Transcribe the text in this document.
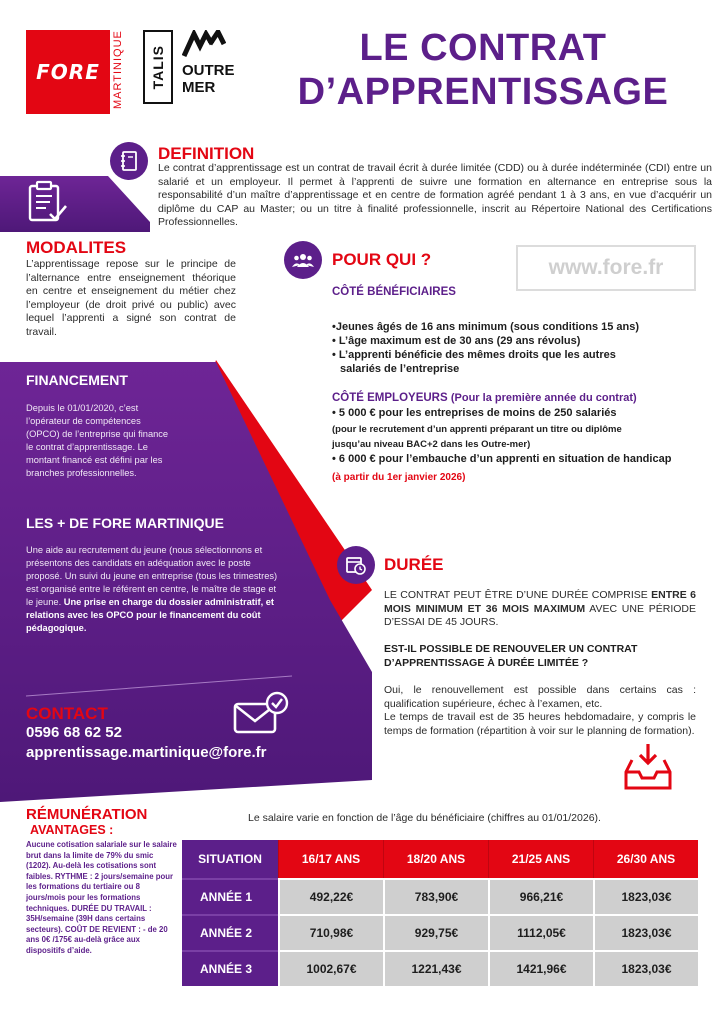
FORE	MARTINIQUE TALIS OUTRE
MER
LE CONTRAT
D’APPRENTISSAGE
DEFINITION
Le contrat d’apprentissage est un contrat de travail écrit à durée limitée (CDD) ou à durée indéterminée (CDI) entre un salarié et un employeur. Il permet à l’apprenti de suivre une formation en alternance en entreprise sous la responsabilité d’un maître d’apprentissage et en centre de formation agréé pendant 1 à 3 ans, en vue d’acquérir un diplôme du CAP au Master; ou un titre à finalité professionnelle, inscrit au Répertoire National des Certifications Professionnelles.
MODALITES
L’apprentissage repose sur le principe de l’alternance entre enseignement théorique en centre et enseignement du métier chez l’employeur (de droit privé ou public) avec lequel l’apprenti a signé son contrat de travail.
FINANCEMENT
Depuis le 01/01/2020, c’est l’opérateur de compétences (OPCO) de l’entreprise qui finance le contrat d’apprentissage. Le montant financé est défini par les branches professionnelles.
LES + DE FORE MARTINIQUE
Une aide au recrutement du jeune (nous sélectionnons et présentons des candidats en adéquation avec le poste proposé. Un suivi du jeune en entreprise (tous les trimestres) est organisé entre le référent en centre, le maître de stage et le jeune. Une prise en charge du dossier administratif, et relations avec les OPCO pour le financement du coût pédagogique.
CONTACT
0596 68 62 52
apprentissage.martinique@fore.fr
POUR QUI ?	www.fore.fr
CÔTÉ BÉNÉFICIAIRES
•Jeunes âgés de 16 ans minimum (sous conditions 15 ans)
• L’âge maximum est de 30 ans (29 ans révolus)
• L’apprenti bénéficie des mêmes droits que les autres
salariés de l’entreprise
CÔTÉ EMPLOYEURS (Pour la première année du contrat)
• 5 000 € pour les entreprises de moins de 250 salariés
(pour le recrutement d’un apprenti préparant un titre ou diplôme
jusqu’au niveau BAC+2 dans les Outre-mer)
• 6 000 € pour l’embauche d’un apprenti en situation de handicap
(à partir du 1er janvier 2026)
DURÉE
LE CONTRAT PEUT ÊTRE D’UNE DURÉE COMPRISE ENTRE 6 MOIS MINIMUM ET 36 MOIS MAXIMUM AVEC UNE PÉRIODE D’ESSAI DE 45 JOURS.
EST-IL POSSIBLE DE RENOUVELER UN CONTRAT D’APPRENTISSAGE À DURÉE LIMITÉE ?
Oui, le renouvellement est possible dans certains cas : qualification supérieure, échec à l’examen, etc.
Le temps de travail est de 35 heures hebdomadaire, y compris le temps de formation (répartition à voir sur le planning de formation).
RÉMUNÉRATION
AVANTAGES :
Aucune cotisation salariale sur le salaire brut dans la limite de 79% du smic (1202). Au-delà les cotisations sont faibles. RYTHME : 2 jours/semaine pour les formations du tertiaire ou 8 jours/mois pour les formations techniques. DURÉE DU TRAVAIL : 35H/semaine (39H dans certains secteurs). COÛT DE REVIENT : - de 20 ans 0€ /175€ au-delà grâce aux dispositifs d’aide.
Le salaire varie en fonction de l’âge du bénéficiaire (chiffres au 01/01/2026).
SITUATION	16/17 ANS	18/20 ANS	21/25 ANS	26/30 ANS
ANNÉE 1	492,22€	783,90€	966,21€	1823,03€
ANNÉE 2	710,98€	929,75€	1112,05€	1823,03€
ANNÉE 3	1002,67€	1221,43€	1421,96€	1823,03€
